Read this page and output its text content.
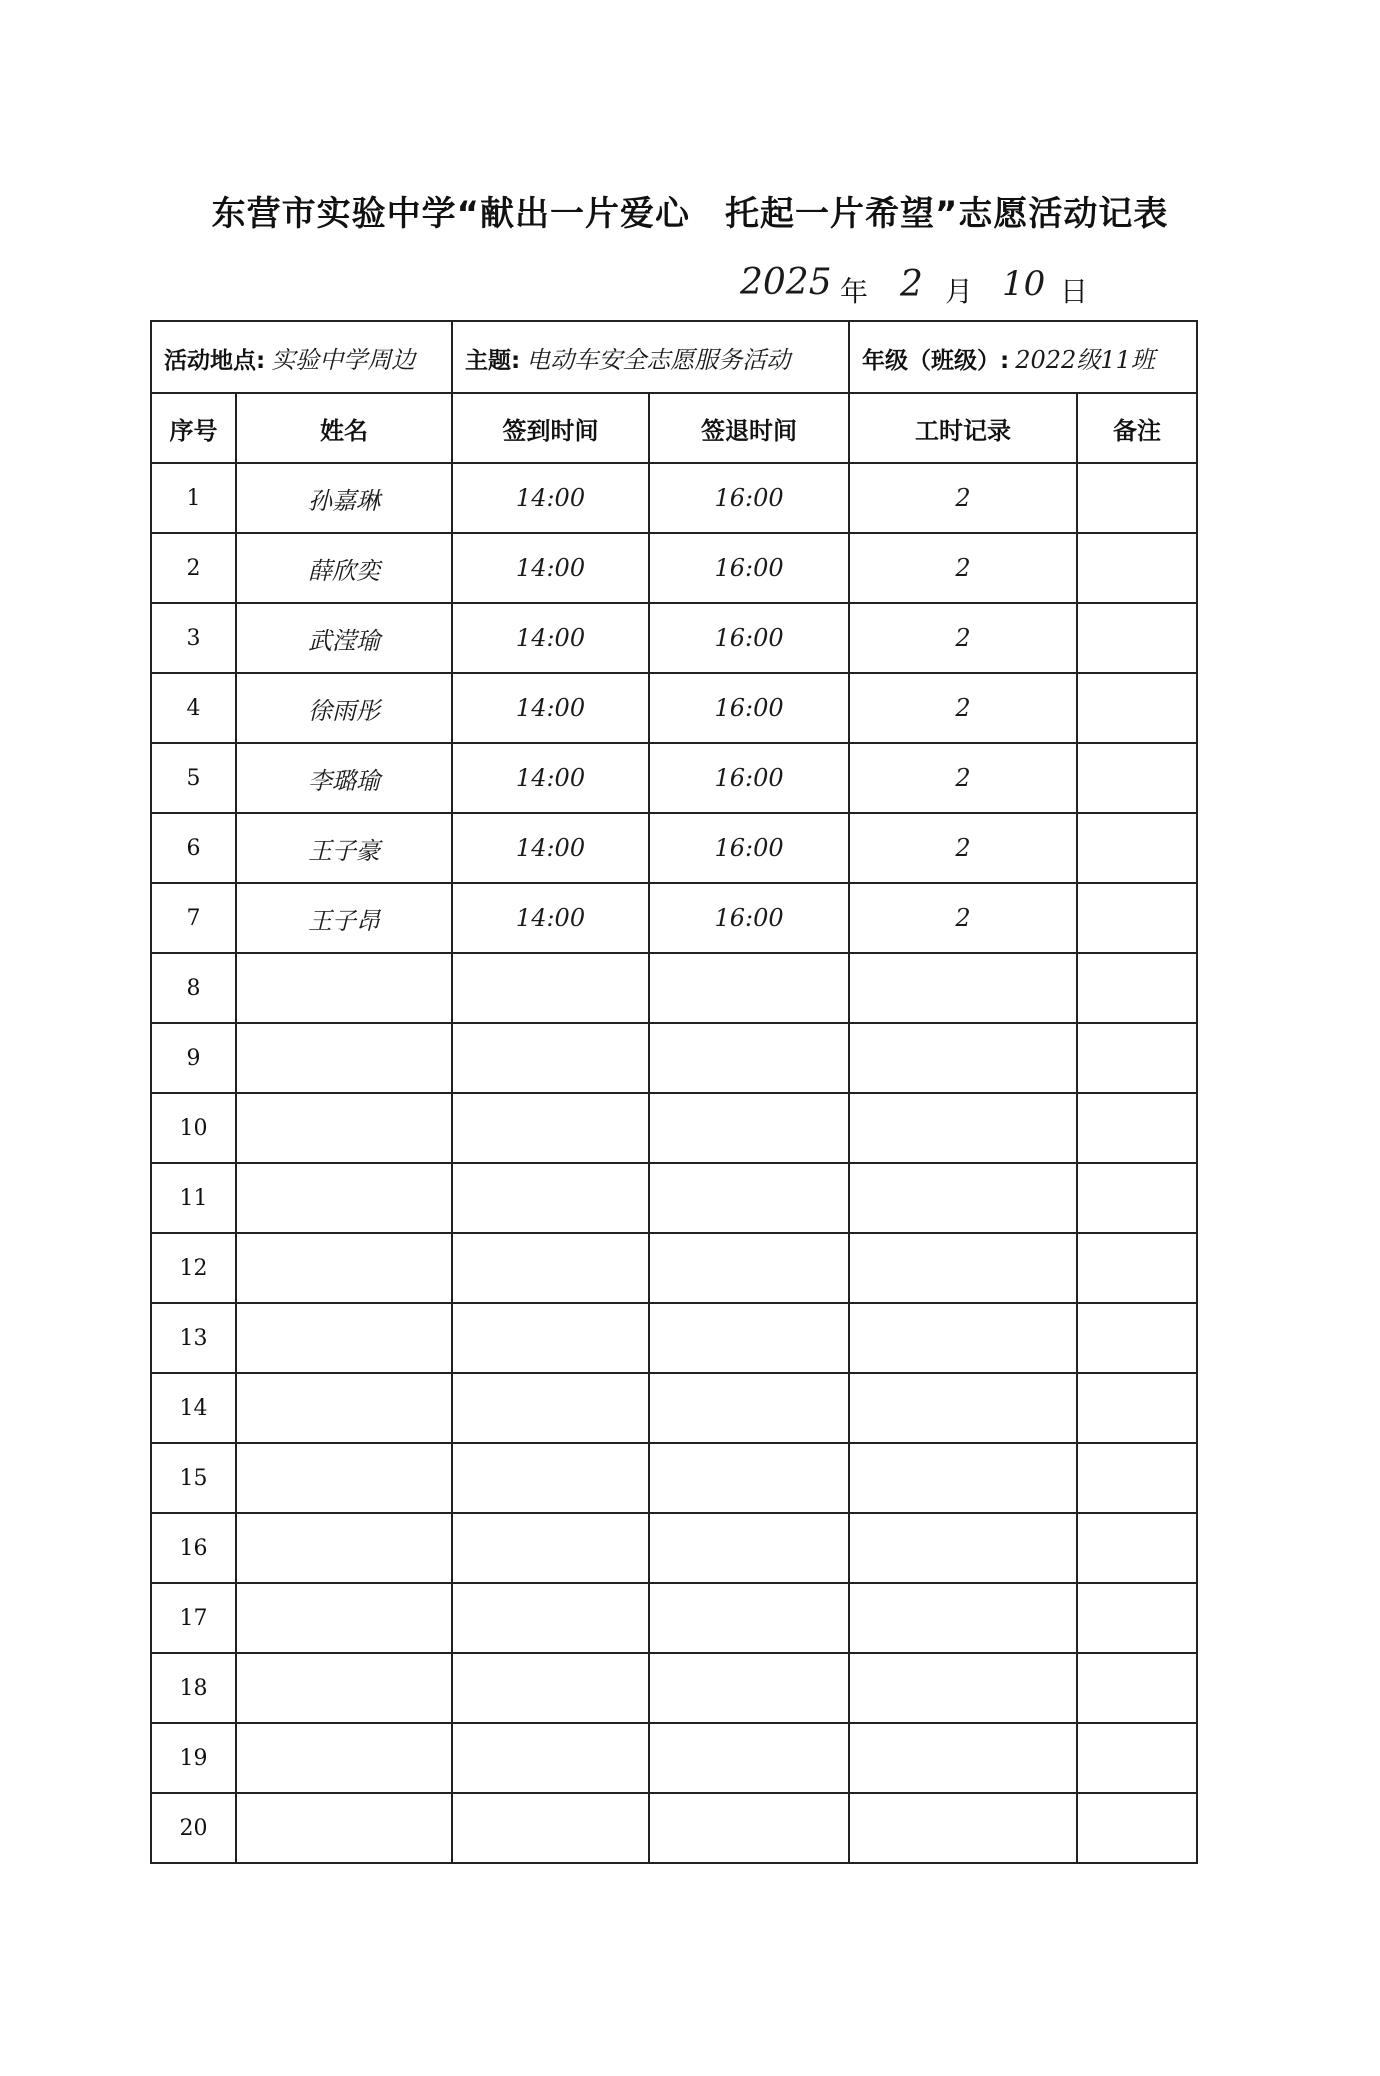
东营市实验中学“献出一片爱心　托起一片希望”志愿活动记表
2025 年 2 月 10 日
活动地点: 实验中学周边		主题: 电动车安全志愿服务活动		年级（班级）: 2022级11班	
序号	姓名	签到时间	签退时间	工时记录	备注
1	孙嘉琳	14:00	16:00	2	
2	薛欣奕	14:00	16:00	2	
3	武滢瑜	14:00	16:00	2	
4	徐雨彤	14:00	16:00	2	
5	李璐瑜	14:00	16:00	2	
6	王子豪	14:00	16:00	2	
7	王子昂	14:00	16:00	2	
8					
9					
10					
11					
12					
13					
14					
15					
16					
17					
18					
19					
20					
